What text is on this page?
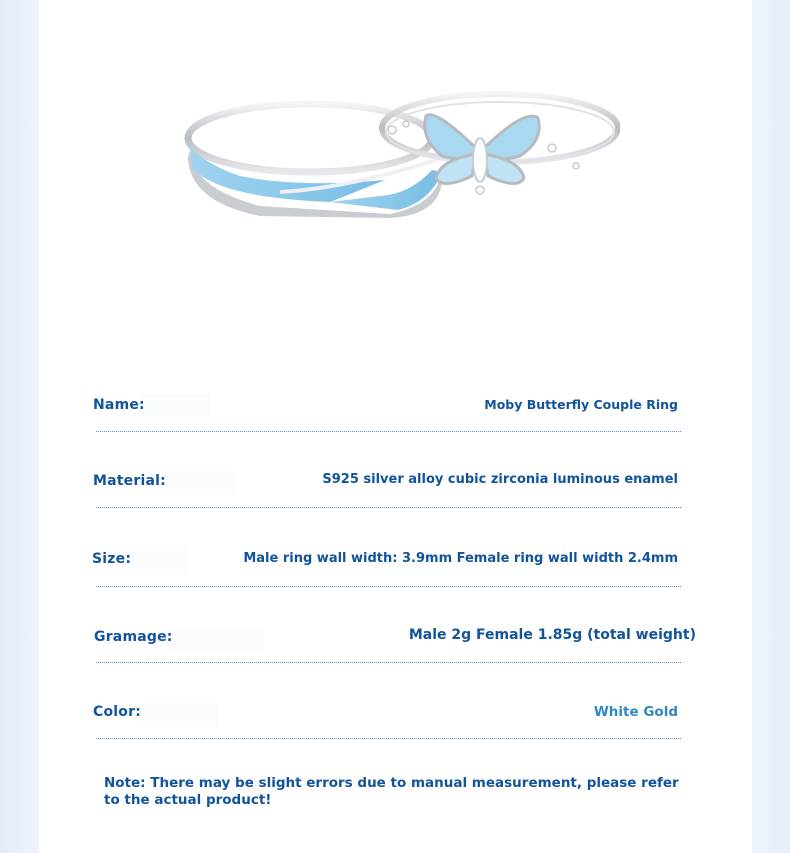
Name:	Moby Butterfly Couple Ring
Material:	S925 silver alloy cubic zirconia luminous enamel
Size:	Male ring wall width: 3.9mm Female ring wall width 2.4mm
Gramage:	Male 2g Female 1.85g (total weight)
Color:	White Gold
Note: There may be slight errors due to manual measurement, please refer to the actual product!
